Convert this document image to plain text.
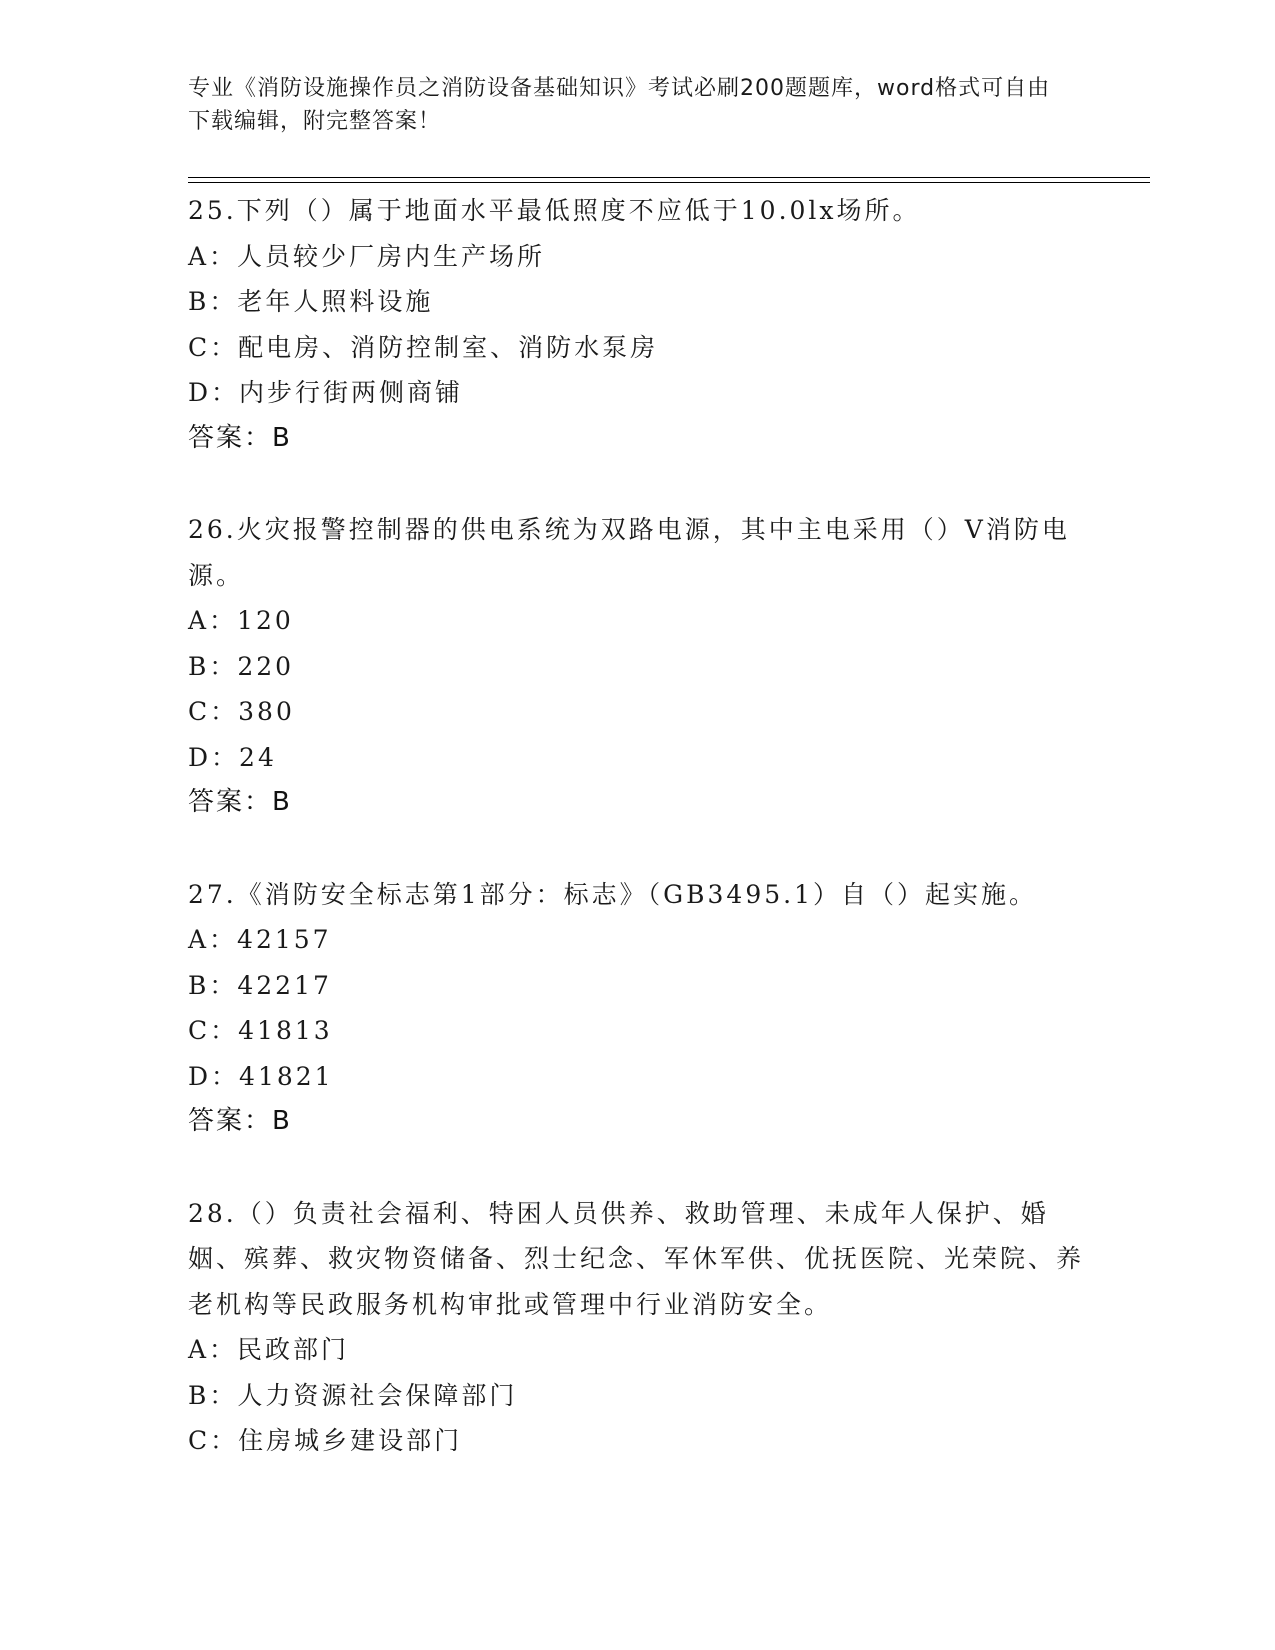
专业《消防设施操作员之消防设备基础知识》考试必刷200题题库，word格式可自由下载编辑，附完整答案！

25.下列（）属于地面水平最低照度不应低于10.0lx场所。

A：人员较少厂房内生产场所
B：老年人照料设施
C：配电房、消防控制室、消防水泵房
D：内步行街两侧商铺
答案：B

26.火灾报警控制器的供电系统为双路电源，其中主电采用（）V消防电源。

A：120
B：220
C：380
D：24
答案：B

27.《消防安全标志第1部分：标志》（GB3495.1）自（）起实施。

A：42157
B：42217
C：41813
D：41821
答案：B

28.（）负责社会福利、特困人员供养、救助管理、未成年人保护、婚姻、殡葬、救灾物资储备、烈士纪念、军休军供、优抚医院、光荣院、养老机构等民政服务机构审批或管理中行业消防安全。

A：民政部门
B：人力资源社会保障部门
C：住房城乡建设部门
